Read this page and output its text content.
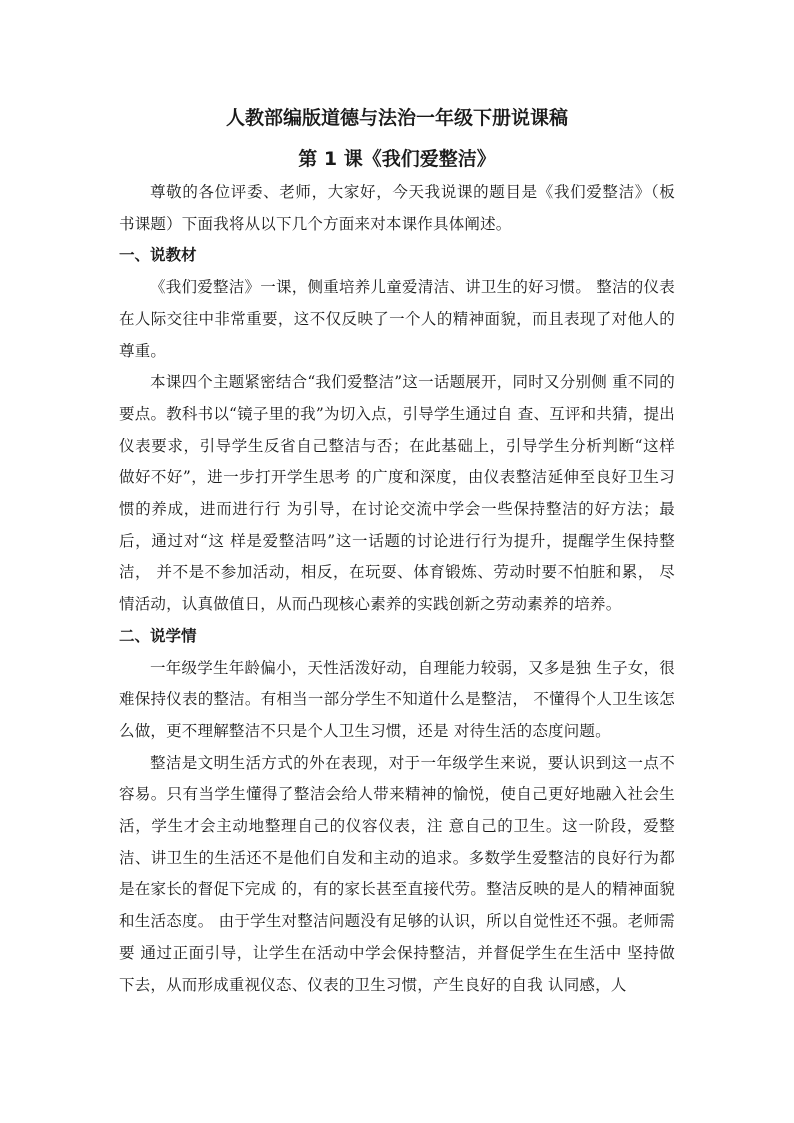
人教部编版道德与法治一年级下册说课稿
第 1 课《我们爱整洁》

尊敬的各位评委、老师，大家好，今天我说课的题目是《我们爱整洁》（板书课题）下面我将从以下几个方面来对本课作具体阐述。

一、说教材

《我们爱整洁》一课，侧重培养儿童爱清洁、讲卫生的好习惯。 整洁的仪表在人际交往中非常重要，这不仅反映了一个人的精神面貌，而且表现了对他人的尊重。

本课四个主题紧密结合“我们爱整洁”这一话题展开，同时又分别侧 重不同的要点。教科书以“镜子里的我”为切入点，引导学生通过自 查、互评和共猜，提出仪表要求，引导学生反省自己整洁与否；在此基础上，引导学生分析判断“这样做好不好”，进一步打开学生思考 的广度和深度，由仪表整洁延伸至良好卫生习惯的养成，进而进行行 为引导，在讨论交流中学会一些保持整洁的好方法；最后，通过对“这 样是爱整洁吗”这一话题的讨论进行行为提升，提醒学生保持整洁， 并不是不参加活动，相反，在玩耍、体育锻炼、劳动时要不怕脏和累， 尽情活动，认真做值日，从而凸现核心素养的实践创新之劳动素养的培养。

二、说学情

一年级学生年龄偏小，天性活泼好动，自理能力较弱，又多是独 生子女，很难保持仪表的整洁。有相当一部分学生不知道什么是整洁， 不懂得个人卫生该怎么做，更不理解整洁不只是个人卫生习惯，还是 对待生活的态度问题。

整洁是文明生活方式的外在表现，对于一年级学生来说，要认识到这一点不容易。只有当学生懂得了整洁会给人带来精神的愉悦，使自己更好地融入社会生活，学生才会主动地整理自己的仪容仪表，注 意自己的卫生。这一阶段，爱整洁、讲卫生的生活还不是他们自发和主动的追求。多数学生爱整洁的良好行为都是在家长的督促下完成 的，有的家长甚至直接代劳。整洁反映的是人的精神面貌和生活态度。 由于学生对整洁问题没有足够的认识，所以自觉性还不强。老师需要 通过正面引导，让学生在活动中学会保持整洁，并督促学生在生活中 坚持做下去，从而形成重视仪态、仪表的卫生习惯，产生良好的自我 认同感，人
